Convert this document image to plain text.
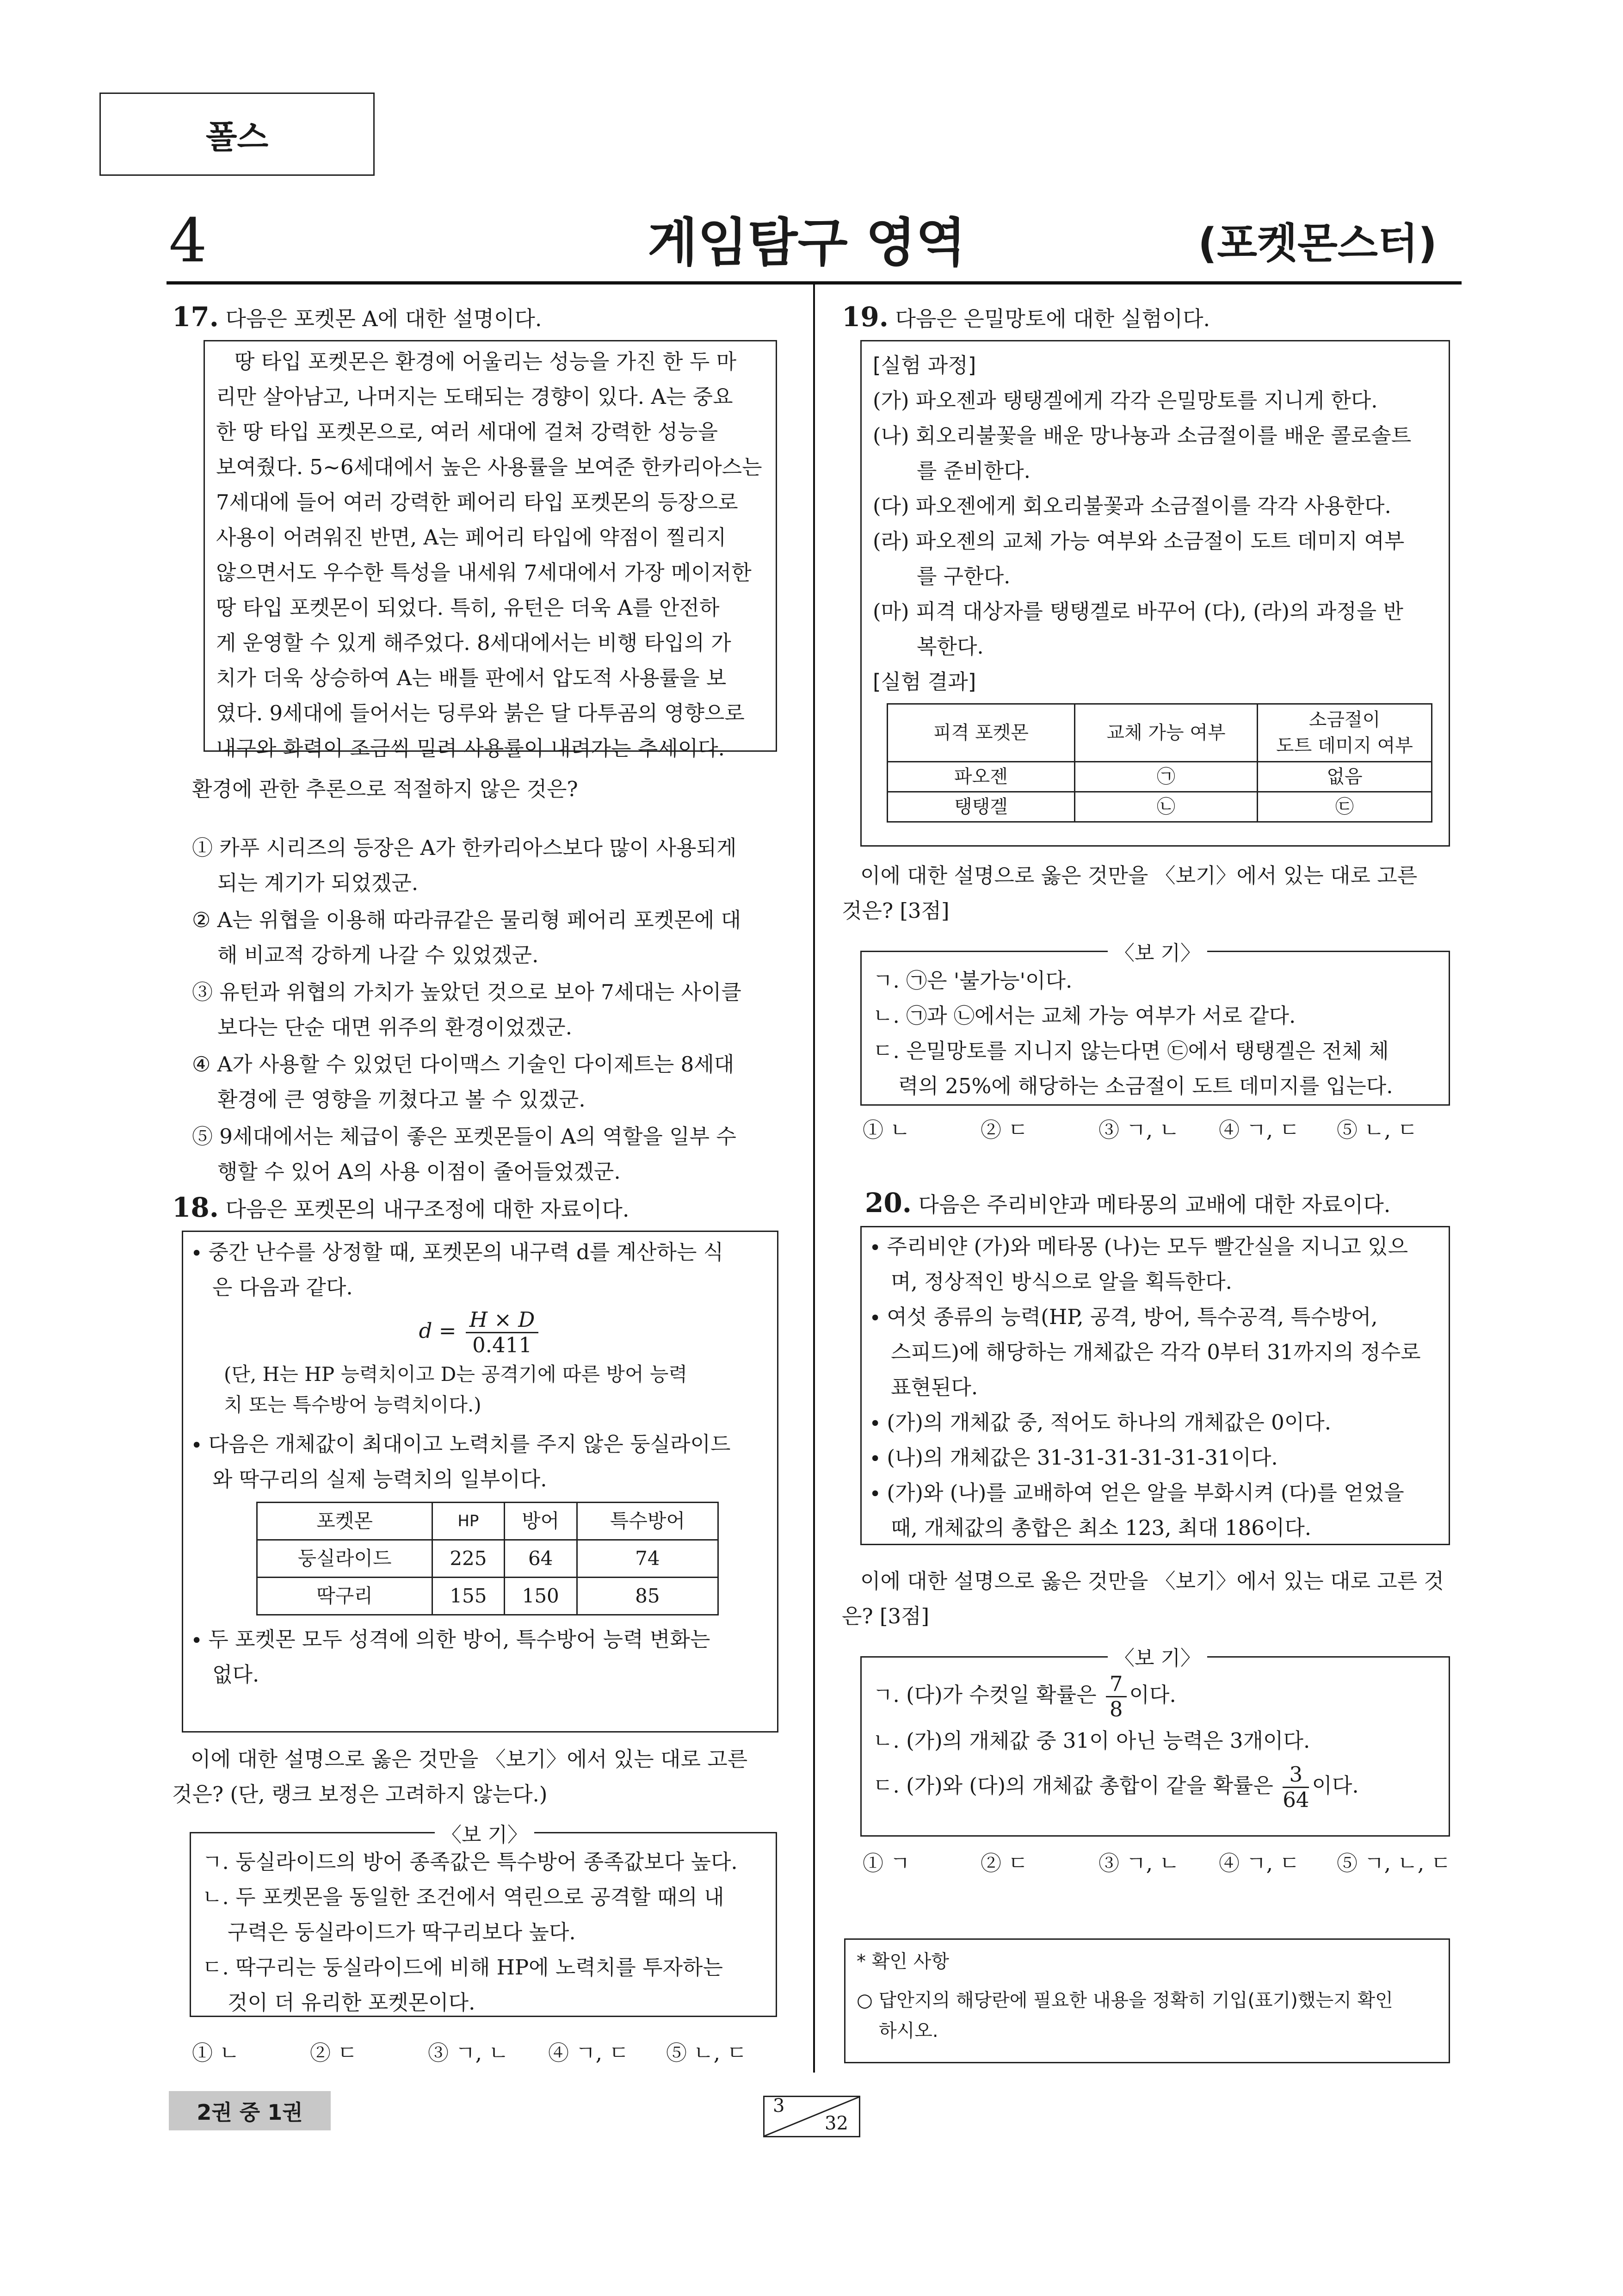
폴스
4	게임탐구 영역	(포켓몬스터)
17. 다음은 포켓몬 A에 대한 설명이다.
땅 타입 포켓몬은 환경에 어울리는 성능을 가진 한 두 마
리만 살아남고, 나머지는 도태되는 경향이 있다. A는 중요
한 땅 타입 포켓몬으로, 여러 세대에 걸쳐 강력한 성능을
보여줬다. 5~6세대에서 높은 사용률을 보여준 한카리아스는
7세대에 들어 여러 강력한 페어리 타입 포켓몬의 등장으로
사용이 어려워진 반면, A는 페어리 타입에 약점이 찔리지
않으면서도 우수한 특성을 내세워 7세대에서 가장 메이저한
땅 타입 포켓몬이 되었다. 특히, 유턴은 더욱 A를 안전하
게 운영할 수 있게 해주었다. 8세대에서는 비행 타입의 가
치가 더욱 상승하여 A는 배틀 판에서 압도적 사용률을 보
였다. 9세대에 들어서는 딩루와 붉은 달 다투곰의 영향으로
내구와 화력이 조금씩 밀려 사용률이 내려가는 추세이다.
환경에 관한 추론으로 적절하지 않은 것은?
① 카푸 시리즈의 등장은 A가 한카리아스보다 많이 사용되게
되는 계기가 되었겠군.
② A는 위협을 이용해 따라큐같은 물리형 페어리 포켓몬에 대
해 비교적 강하게 나갈 수 있었겠군.
③ 유턴과 위협의 가치가 높았던 것으로 보아 7세대는 사이클
보다는 단순 대면 위주의 환경이었겠군.
④ A가 사용할 수 있었던 다이맥스 기술인 다이제트는 8세대
환경에 큰 영향을 끼쳤다고 볼 수 있겠군.
⑤ 9세대에서는 체급이 좋은 포켓몬들이 A의 역할을 일부 수
행할 수 있어 A의 사용 이점이 줄어들었겠군.
18. 다음은 포켓몬의 내구조정에 대한 자료이다.
∙ 중간 난수를 상정할 때, 포켓몬의 내구력 d를 계산하는 식
은 다음과 같다.
$d = \frac{H \times D}{0.411}$
(단, H는 HP 능력치이고 D는 공격기에 따른 방어 능력
치 또는 특수방어 능력치이다.)
∙ 다음은 개체값이 최대이고 노력치를 주지 않은 둥실라이드
와 딱구리의 실제 능력치의 일부이다.
포켓몬	HP	방어	특수방어
둥실라이드	225	64	74
딱구리	155	150	85
∙ 두 포켓몬 모두 성격에 의한 방어, 특수방어 능력 변화는
없다.
이에 대한 설명으로 옳은 것만을 〈보기〉에서 있는 대로 고른
것은? (단, 랭크 보정은 고려하지 않는다.)
ㄱ. 둥실라이드의 방어 종족값은 특수방어 종족값보다 높다.
ㄴ. 두 포켓몬을 동일한 조건에서 역린으로 공격할 때의 내
구력은 둥실라이드가 딱구리보다 높다.
ㄷ. 딱구리는 둥실라이드에 비해 HP에 노력치를 투자하는
것이 더 유리한 포켓몬이다.
〈보 기〉
① ㄴ	② ㄷ	③ ㄱ, ㄴ ④ ㄱ, ㄷ ⑤ ㄴ, ㄷ
19. 다음은 은밀망토에 대한 실험이다.
[실험 과정]
(가) 파오젠과 탱탱겔에게 각각 은밀망토를 지니게 한다.
(나) 회오리불꽃을 배운 망나뇽과 소금절이를 배운 콜로솔트
를 준비한다.
(다) 파오젠에게 회오리불꽃과 소금절이를 각각 사용한다.
(라) 파오젠의 교체 가능 여부와 소금절이 도트 데미지 여부
를 구한다.
(마) 피격 대상자를 탱탱겔로 바꾸어 (다), (라)의 과정을 반
복한다.
[실험 결과]
피격 포켓몬	교체 가능 여부	소금절이
도트 데미지 여부

파오젠	㉠	없음
탱탱겔	㉡	㉢
이에 대한 설명으로 옳은 것만을 〈보기〉에서 있는 대로 고른
것은? [3점]
ㄱ. ㉠은 '불가능'이다.
ㄴ. ㉠과 ㉡에서는 교체 가능 여부가 서로 같다.
ㄷ. 은밀망토를 지니지 않는다면 ㉢에서 탱탱겔은 전체 체
력의 25%에 해당하는 소금절이 도트 데미지를 입는다.
〈보 기〉
① ㄴ	② ㄷ	③ ㄱ, ㄴ ④ ㄱ, ㄷ ⑤ ㄴ, ㄷ
20. 다음은 주리비얀과 메타몽의 교배에 대한 자료이다.
∙ 주리비얀 (가)와 메타몽 (나)는 모두 빨간실을 지니고 있으
며, 정상적인 방식으로 알을 획득한다.
∙ 여섯 종류의 능력(HP, 공격, 방어, 특수공격, 특수방어,
스피드)에 해당하는 개체값은 각각 0부터 31까지의 정수로
표현된다.
∙ (가)의 개체값 중, 적어도 하나의 개체값은 0이다.
∙ (나)의 개체값은 31-31-31-31-31-31이다.
∙ (가)와 (나)를 교배하여 얻은 알을 부화시켜 (다)를 얻었을
때, 개체값의 총합은 최소 123, 최대 186이다.
이에 대한 설명으로 옳은 것만을 〈보기〉에서 있는 대로 고른 것
은? [3점]
ㄱ. (다)가 수컷일 확률은 $\frac{7}{8}$ 이다.
ㄴ. (가)의 개체값 중 31이 아닌 능력은 3개이다.
ㄷ. (가)와 (다)의 개체값 총합이 같을 확률은 $\frac{3}{64}$ 이다.
〈보 기〉
① ㄱ	② ㄷ	③ ㄱ, ㄴ ④ ㄱ, ㄷ ⑤ ㄱ, ㄴ, ㄷ
* 확인 사항
○ 답안지의 해당란에 필요한 내용을 정확히 기입(표기)했는지 확인
하시오.
2권 중 1권	3
32
